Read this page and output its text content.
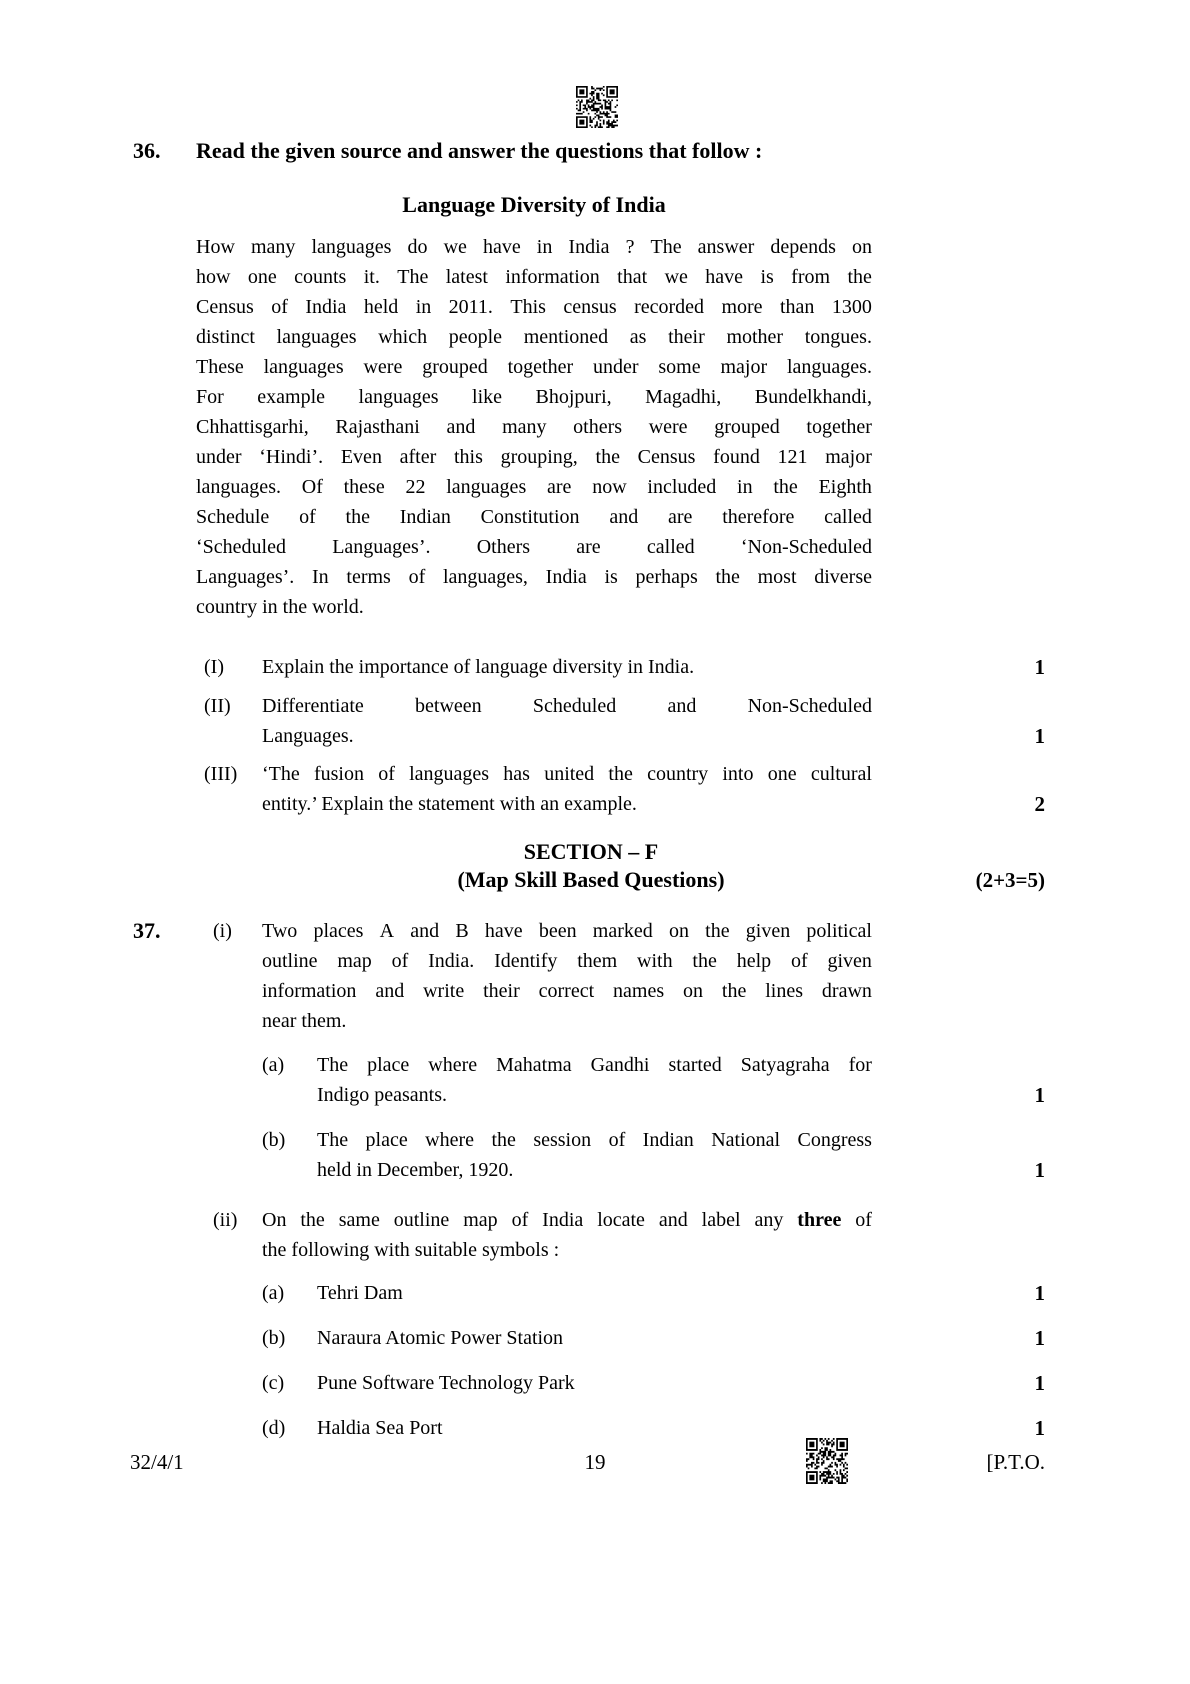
36.	Read the given source and answer the questions that follow :
Language Diversity of India
How many languages do we have in India ? The answer depends on
how one counts it. The latest information that we have is from the
Census of India held in 2011. This census recorded more than 1300
distinct languages which people mentioned as their mother tongues.
These languages were grouped together under some major languages.
For example languages like Bhojpuri, Magadhi, Bundelkhandi,
Chhattisgarhi, Rajasthani and many others were grouped together
under ‘Hindi’. Even after this grouping, the Census found 121 major
languages. Of these 22 languages are now included in the Eighth
Schedule of the Indian Constitution and are therefore called
‘Scheduled Languages’. Others are called ‘Non-Scheduled
Languages’. In terms of languages, India is perhaps the most diverse
country in the world.
(I)	Explain the importance of language diversity in India.	1
(II)	Differentiate	between	Scheduled	and	Non-Scheduled
Languages.	1
(III)	‘The fusion of languages has united the country into one cultural
entity.’ Explain the statement with an example.	2
SECTION – F
(Map Skill Based Questions)	(2+3=5)
37.	(i)	Two places A and B have been marked on the given political
outline map of India. Identify them with the help of given
information and write their correct names on the lines drawn
near them.
(a)	The place where Mahatma Gandhi started Satyagraha for
Indigo peasants.	1
(b)	The place where the session of Indian National Congress
held in December, 1920.	1
(ii)	On the same outline map of India locate and label any three of
the following with suitable symbols :
(a)	Tehri Dam	1
(b)	Naraura Atomic Power Station	1
(c)	Pune Software Technology Park	1
(d)	Haldia Sea Port	1
32/4/1	19	[P.T.O.
